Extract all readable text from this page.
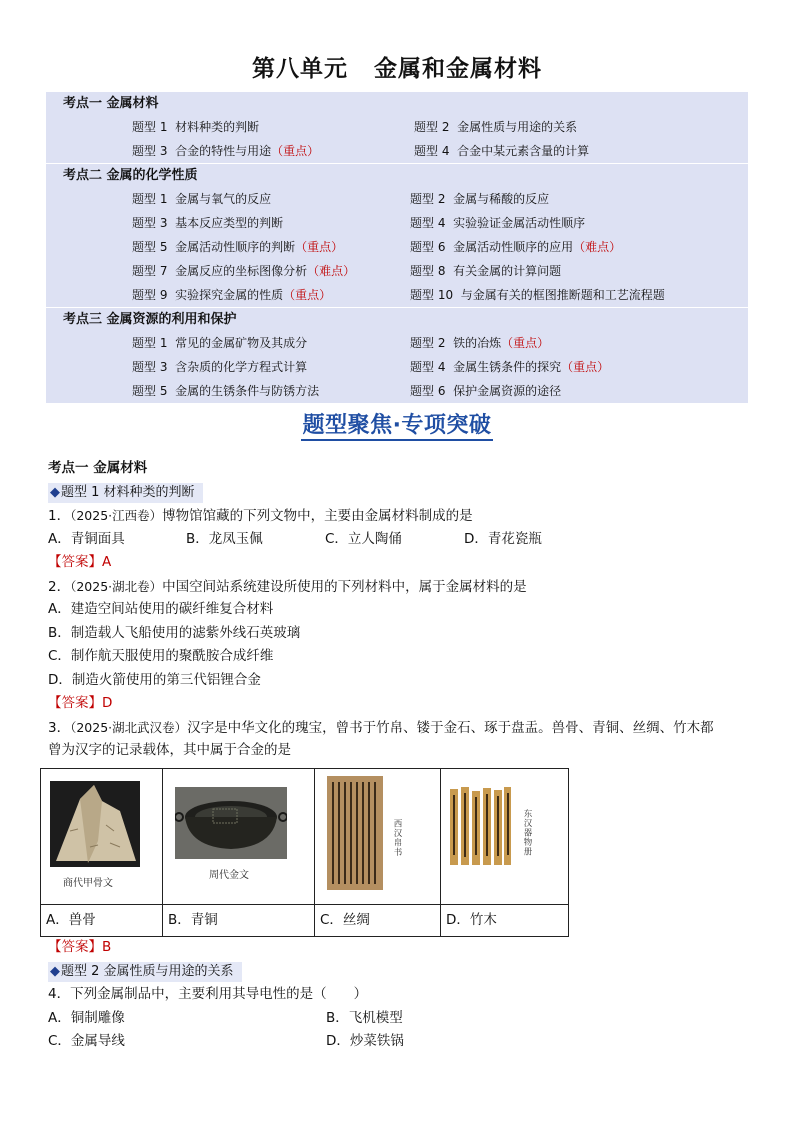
第八单元 金属和金属材料
考点一 金属材料
题型 1 材料种类的判断	题型 2 金属性质与用途的关系
题型 3 合金的特性与用途（重点）	题型 4 合金中某元素含量的计算
考点二 金属的化学性质
题型 1 金属与氧气的反应	题型 2 金属与稀酸的反应
题型 3 基本反应类型的判断	题型 4 实验验证金属活动性顺序
题型 5 金属活动性顺序的判断（重点）	题型 6 金属活动性顺序的应用（难点）
题型 7 金属反应的坐标图像分析（难点）	题型 8 有关金属的计算问题
题型 9 实验探究金属的性质（重点）	题型 10 与金属有关的框图推断题和工艺流程题
考点三 金属资源的利用和保护
题型 1 常见的金属矿物及其成分	题型 2 铁的冶炼（重点）
题型 3 含杂质的化学方程式计算	题型 4 金属生锈条件的探究（重点）
题型 5 金属的生锈条件与防锈方法	题型 6 保护金属资源的途径
题型聚焦·专项突破
考点一 金属材料
◆题型 1 材料种类的判断
1．（2025·江西卷）博物馆馆藏的下列文物中，主要由金属材料制成的是
A．青铜面具	B．龙凤玉佩	C．立人陶俑	D．青花瓷瓶
【答案】A
2．（2025·湖北卷）中国空间站系统建设所使用的下列材料中，属于金属材料的是
A．建造空间站使用的碳纤维复合材料
B．制造载人飞船使用的滤紫外线石英玻璃
C．制作航天服使用的聚酰胺合成纤维
D．制造火箭使用的第三代铝锂合金
【答案】D
3．（2025·湖北武汉卷）汉字是中华文化的瑰宝，曾书于竹帛、镂于金石、琢于盘盂。兽骨、青铜、丝绸、竹木都
曾为汉字的记录载体，其中属于合金的是
商代甲骨文	周代金文	西汉帛书	东汉器物册

A．兽骨	B．青铜	C．丝绸	D．竹木
【答案】B
◆题型 2 金属性质与用途的关系
4．下列金属制品中，主要利用其导电性的是（　　）
A．铜制雕像	B．飞机模型
C．金属导线	D．炒菜铁锅
